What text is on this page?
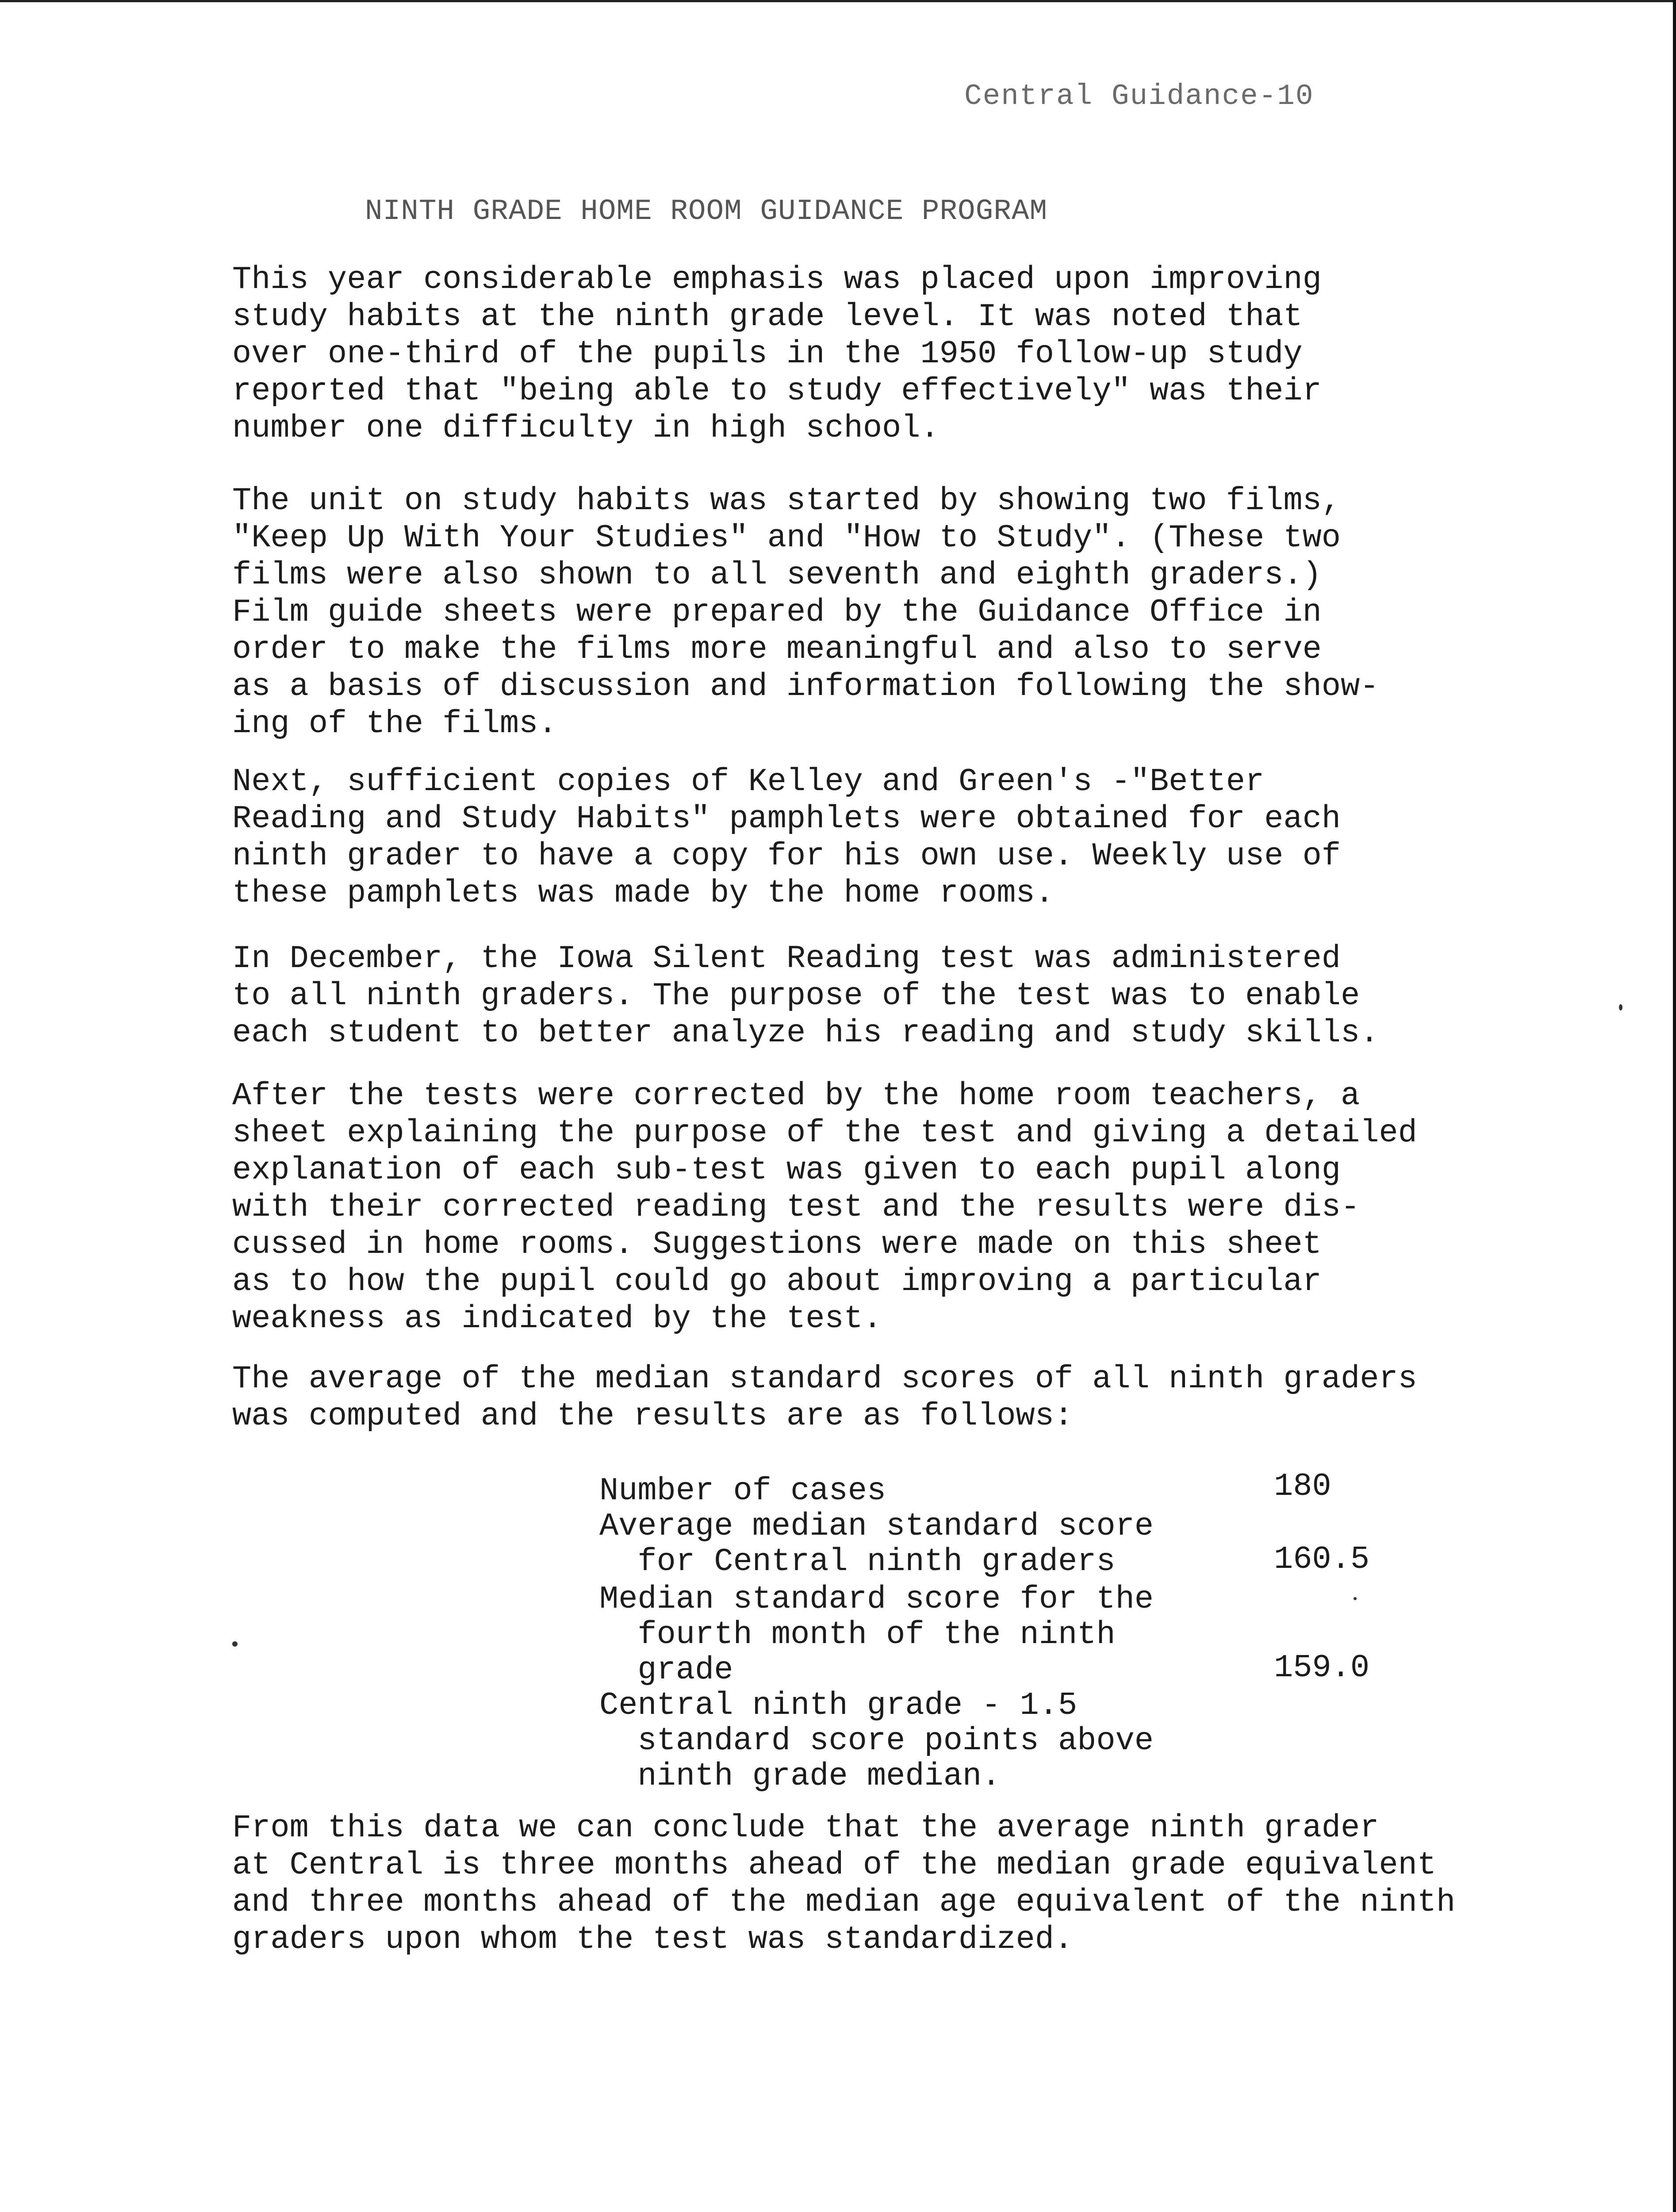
Central Guidance-10
NINTH GRADE HOME ROOM GUIDANCE PROGRAM

This year considerable emphasis was placed upon improving
study habits at the ninth grade level. It was noted that
over one-third of the pupils in the 1950 follow-up study
reported that "being able to study effectively" was their
number one difficulty in high school.

The unit on study habits was started by showing two films,
"Keep Up With Your Studies" and "How to Study". (These two
films were also shown to all seventh and eighth graders.)
Film guide sheets were prepared by the Guidance Office in
order to make the films more meaningful and also to serve
as a basis of discussion and information following the show-
ing of the films.

Next, sufficient copies of Kelley and Green's -"Better
Reading and Study Habits" pamphlets were obtained for each
ninth grader to have a copy for his own use. Weekly use of
these pamphlets was made by the home rooms.

In December, the Iowa Silent Reading test was administered
to all ninth graders. The purpose of the test was to enable
each student to better analyze his reading and study skills.

After the tests were corrected by the home room teachers, a
sheet explaining the purpose of the test and giving a detailed
explanation of each sub-test was given to each pupil along
with their corrected reading test and the results were dis-
cussed in home rooms. Suggestions were made on this sheet
as to how the pupil could go about improving a particular
weakness as indicated by the test.

The average of the median standard scores of all ninth graders
was computed and the results are as follows:

Number of cases	180

Average median standard score
for Central ninth graders	160.5

Median standard score for the
fourth month of the ninth
grade	159.0

Central ninth grade - 1.5
standard score points above
ninth grade median.

From this data we can conclude that the average ninth grader
at Central is three months ahead of the median grade equivalent
and three months ahead of the median age equivalent of the ninth
graders upon whom the test was standardized.
